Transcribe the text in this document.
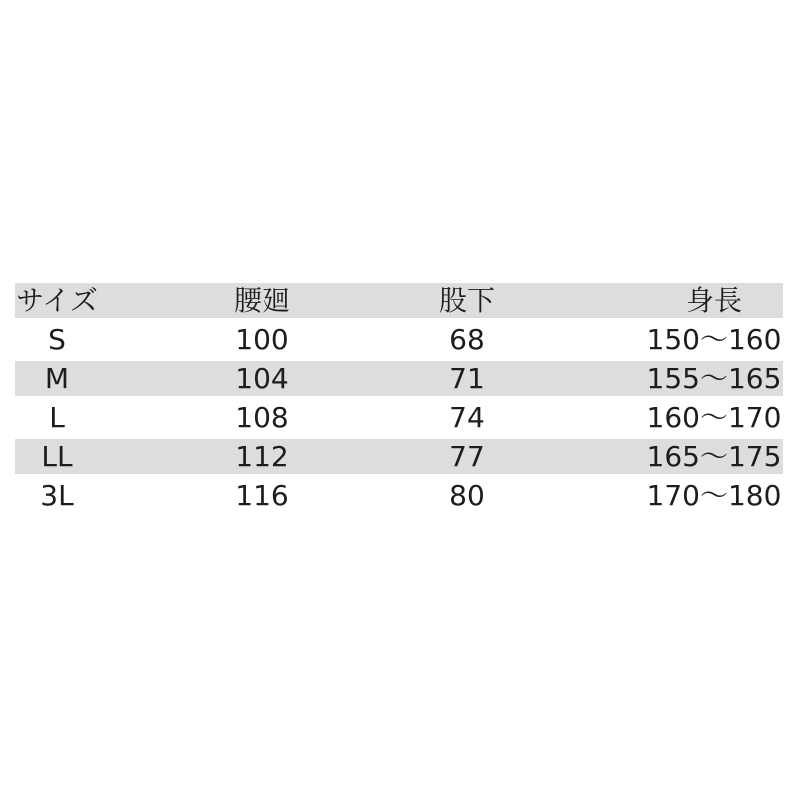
サイズ	腰廻	股下	身長
S	100	68	150〜160
M	104	71	155〜165
L	108	74	160〜170
LL	112	77	165〜175
3L	116	80	170〜180
